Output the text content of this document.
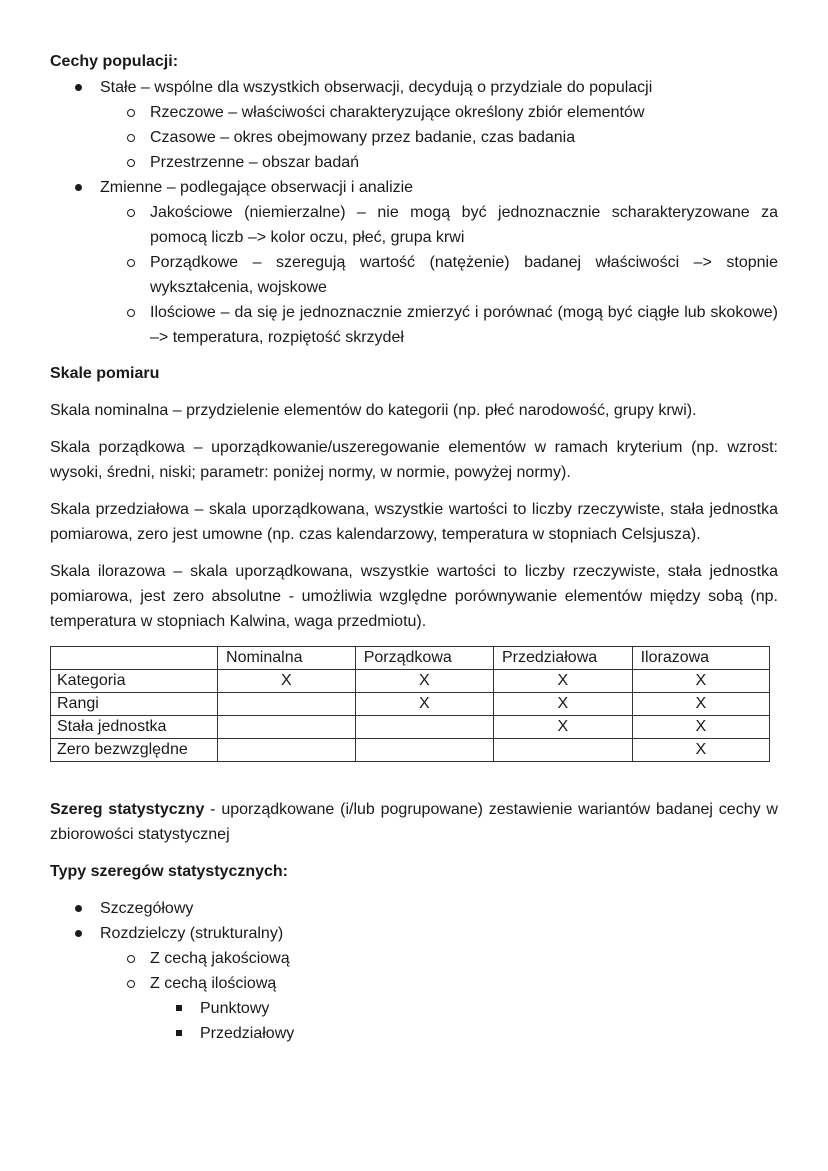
Cechy populacji:

Stałe – wspólne dla wszystkich obserwacji, decydują o przydziale do populacji
Rzeczowe – właściwości charakteryzujące określony zbiór elementów
Czasowe – okres obejmowany przez badanie, czas badania
Przestrzenne – obszar badań
Zmienne – podlegające obserwacji i analizie
Jakościowe (niemierzalne) – nie mogą być jednoznacznie scharakteryzowane za pomocą liczb –> kolor oczu, płeć, grupa krwi
Porządkowe – szeregują wartość (natężenie) badanej właściwości –> stopnie wykształcenia, wojskowe
Ilościowe – da się je jednoznacznie zmierzyć i porównać (mogą być ciągłe lub skokowe) –> temperatura, rozpiętość skrzydeł

Skale pomiaru

Skala nominalna – przydzielenie elementów do kategorii (np. płeć narodowość, grupy krwi).

Skala porządkowa – uporządkowanie/uszeregowanie elementów w ramach kryterium (np. wzrost: wysoki, średni, niski; parametr: poniżej normy, w normie, powyżej normy).

Skala przedziałowa – skala uporządkowana, wszystkie wartości to liczby rzeczywiste, stała jednostka pomiarowa, zero jest umowne (np. czas kalendarzowy, temperatura w stopniach Celsjusza).

Skala ilorazowa – skala uporządkowana, wszystkie wartości to liczby rzeczywiste, stała jednostka pomiarowa, jest zero absolutne - umożliwia względne porównywanie elementów między sobą (np. temperatura w stopniach Kalwina, waga przedmiotu).

	Nominalna	Porządkowa	Przedziałowa	Ilorazowa
Kategoria	X	X	X	X
Rangi		X	X	X
Stała jednostka			X	X
Zero bezwzględne				X

Szereg statystyczny - uporządkowane (i/lub pogrupowane) zestawienie wariantów badanej cechy w zbiorowości statystycznej

Typy szeregów statystycznych:

Szczegółowy
Rozdzielczy (strukturalny)
Z cechą jakościową
Z cechą ilościową
Punktowy
Przedziałowy
